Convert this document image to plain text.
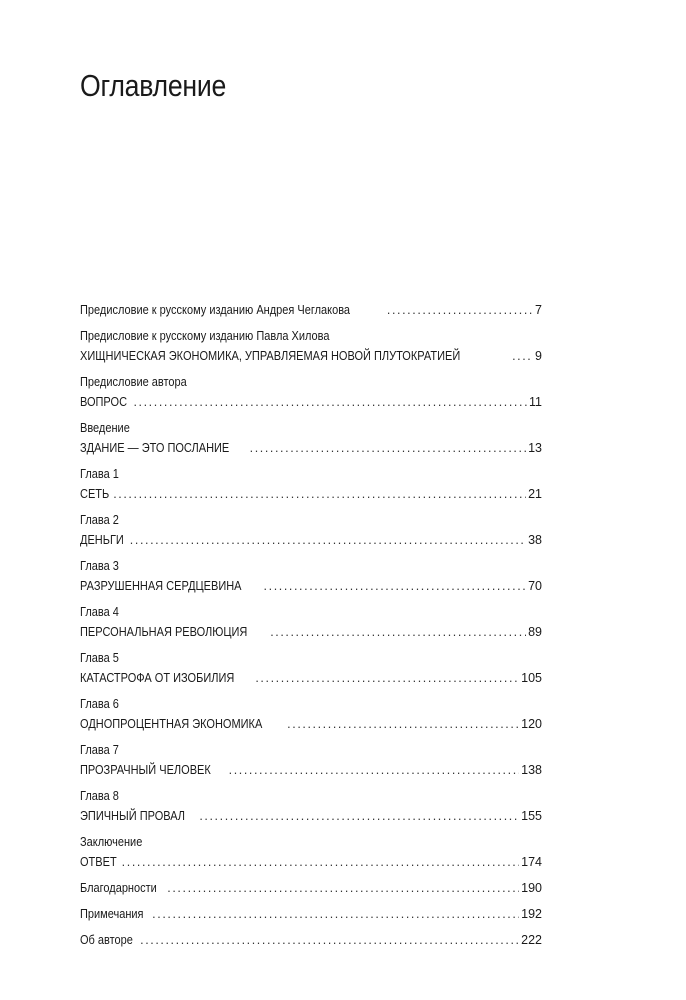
Оглавление
Предисловие к русскому изданию Андрея Чеглакова .....	7
Предисловие к русскому изданию Павла Хилова
ХИЩНИЧЕСКАЯ ЭКОНОМИКА, УПРАВЛЯЕМАЯ НОВОЙ ПЛУТОКРАТИЕЙ .....	9
Предисловие автора
ВОПРОС .....	11
Введение
ЗДАНИЕ — ЭТО ПОСЛАНИЕ .....	13
Глава 1
СЕТЬ .....	21
Глава 2
ДЕНЬГИ .....	38
Глава 3
РАЗРУШЕННАЯ СЕРДЦЕВИНА .....	70
Глава 4
ПЕРСОНАЛЬНАЯ РЕВОЛЮЦИЯ .....	89
Глава 5
КАТАСТРОФА ОТ ИЗОБИЛИЯ .....	105
Глава 6
ОДНОПРОЦЕНТНАЯ ЭКОНОМИКА .....	120
Глава 7
ПРОЗРАЧНЫЙ ЧЕЛОВЕК .....	138
Глава 8
ЭПИЧНЫЙ ПРОВАЛ .....	155
Заключение
ОТВЕТ .....	174
Благодарности .....	190
Примечания .....	192
Об авторе .....	222
